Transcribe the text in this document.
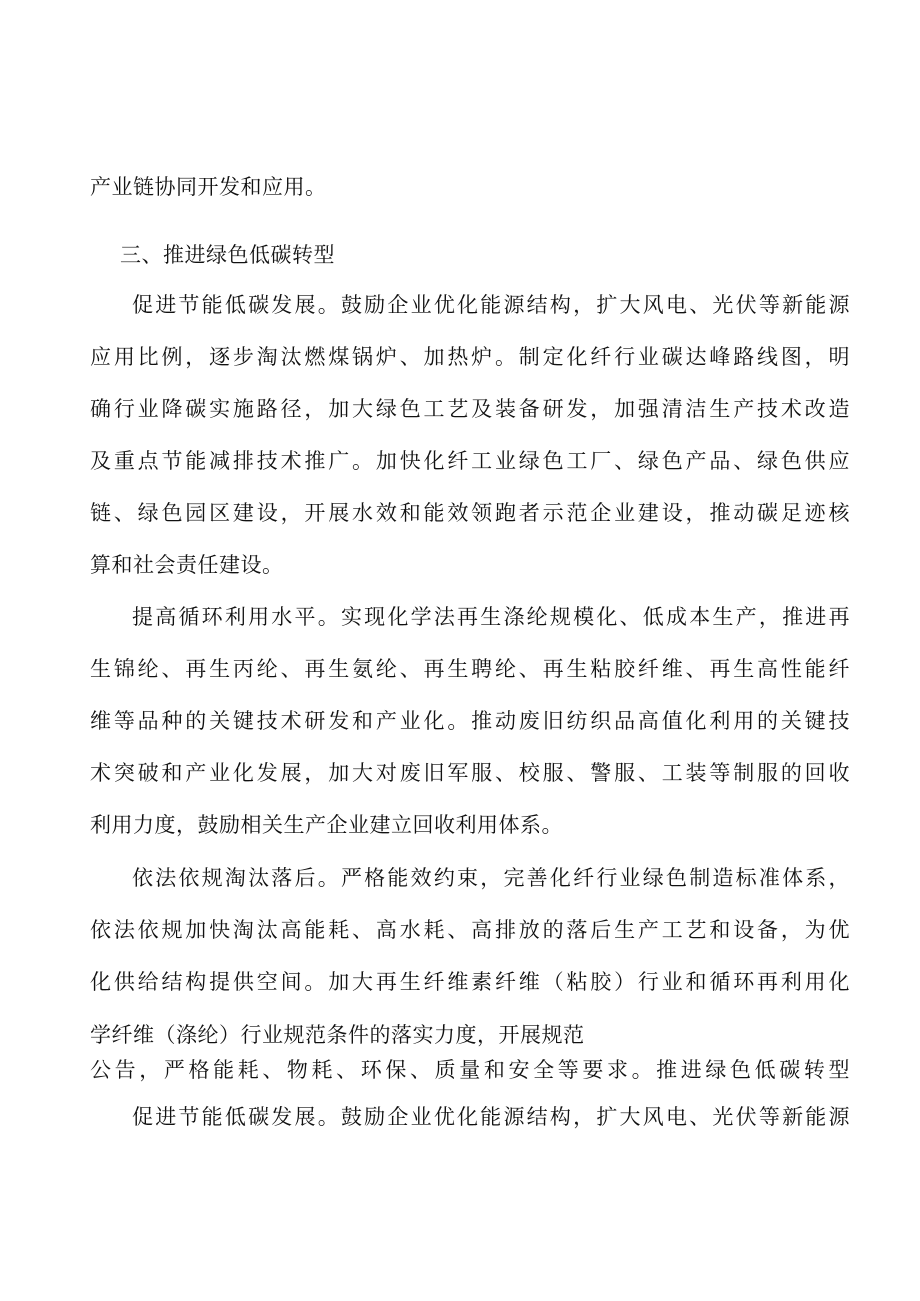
产业链协同开发和应用。
三、推进绿色低碳转型
促进节能低碳发展。鼓励企业优化能源结构，扩大风电、光伏等新能源
应用比例，逐步淘汰燃煤锅炉、加热炉。制定化纤行业碳达峰路线图，明
确行业降碳实施路径，加大绿色工艺及装备研发，加强清洁生产技术改造
及重点节能减排技术推广。加快化纤工业绿色工厂、绿色产品、绿色供应
链、绿色园区建设，开展水效和能效领跑者示范企业建设，推动碳足迹核
算和社会责任建设。
提高循环利用水平。实现化学法再生涤纶规模化、低成本生产，推进再
生锦纶、再生丙纶、再生氨纶、再生聘纶、再生粘胶纤维、再生高性能纤
维等品种的关键技术研发和产业化。推动废旧纺织品高值化利用的关键技
术突破和产业化发展，加大对废旧军服、校服、警服、工装等制服的回收
利用力度，鼓励相关生产企业建立回收利用体系。
依法依规淘汰落后。严格能效约束，完善化纤行业绿色制造标准体系，
依法依规加快淘汰高能耗、高水耗、高排放的落后生产工艺和设备，为优
化供给结构提供空间。加大再生纤维素纤维（粘胶）行业和循环再利用化
学纤维（涤纶）行业规范条件的落实力度，开展规范
公告，严格能耗、物耗、环保、质量和安全等要求。推进绿色低碳转型
促进节能低碳发展。鼓励企业优化能源结构，扩大风电、光伏等新能源
